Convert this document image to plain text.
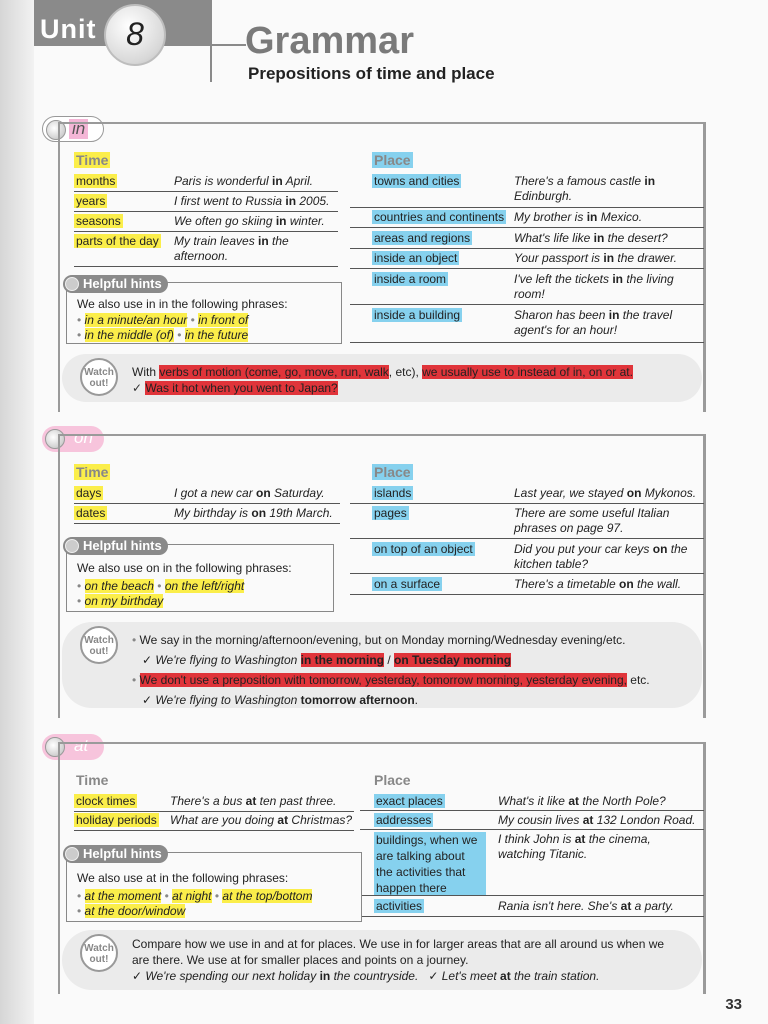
Unit 8	Grammar
Prepositions of time and place
in
Time	Place
months	Paris is wonderful in April.
years	I first went to Russia in 2005.
seasons	We often go skiing in winter.
parts of the day My train leaves in the
afternoon.
towns and cities	There's a famous castle in
Edinburgh.
countries and continents My brother is in Mexico.
areas and regions	What's life like in the desert?
inside an object	Your passport is in the drawer.
inside a room	I've left the tickets in the living
room!
inside a building	Sharon has been in the travel
agent's for an hour!
Helpful hints
We also use in in the following phrases:
• in a minute/an hour • in front of
• in the middle (of) • in the future
Watch out!
With verbs of motion (come, go, move, run, walk, etc), we usually use to instead of in, on or at.
✓ Was it hot when you went to Japan?
on
Time	Place
days	I got a new car on Saturday.
dates	My birthday is on 19th March.
islands	Last year, we stayed on Mykonos.
pages	There are some useful Italian
phrases on page 97.
on top of an object	Did you put your car keys on the
kitchen table?
on a surface	There's a timetable on the wall.
Helpful hints
We also use on in the following phrases:
• on the beach • on the left/right
• on my birthday
Watch out!
• We say in the morning/afternoon/evening, but on Monday morning/Wednesday evening/etc.
✓ We're flying to Washington in the morning / on Tuesday morning
• We don't use a preposition with tomorrow, yesterday, tomorrow morning, yesterday evening, etc.
✓ We're flying to Washington tomorrow afternoon.
at
Time	Place
clock times	There's a bus at ten past three.
holiday periods What are you doing at Christmas?
exact places	What's it like at the North Pole?
addresses	My cousin lives at 132 London Road.
buildings, when we are talking about the activities that happen there
I think John is at the cinema,
watching Titanic.
activities	Rania isn't here. She's at a party.
Helpful hints
We also use at in the following phrases:
• at the moment • at night • at the top/bottom
• at the door/window
Watch out!
Compare how we use in and at for places. We use in for larger areas that are all around us when we
are there. We use at for smaller places and points on a journey.
✓ We're spending our next holiday in the countryside. ✓ Let's meet at the train station.
33
